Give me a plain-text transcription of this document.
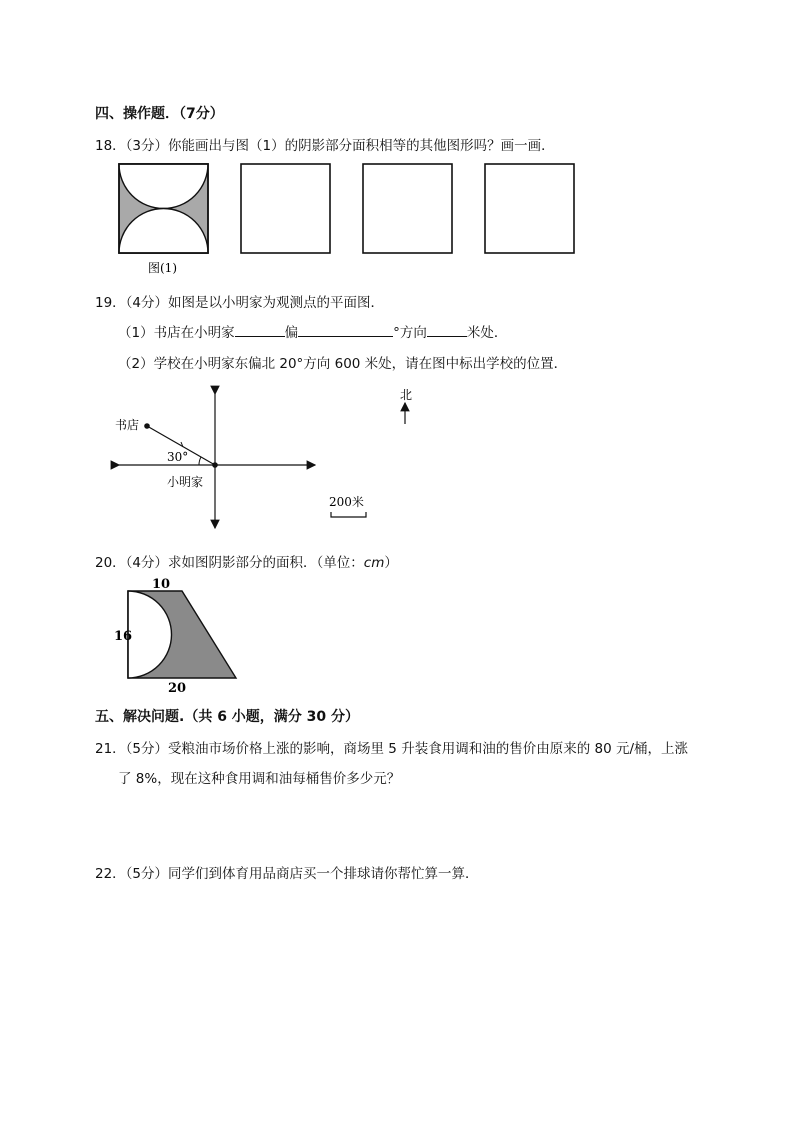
四、操作题．（7分）
18．（3分）你能画出与图（1）的阴影部分面积相等的其他图形吗？画一画．
图(1)
19．（4分）如图是以小明家为观测点的平面图．
（1）书店在小明家	偏	°方向	米处．
（2）学校在小明家东偏北 20°方向 600 米处，请在图中标出学校的位置．
书店
30°
小明家
北
200米
20．（4分）求如图阴影部分的面积．（单位：cm）
10
16
20
五、解决问题.（共 6 小题，满分 30 分）
21．（5分）受粮油市场价格上涨的影响，商场里 5 升装食用调和油的售价由原来的 80 元/桶，上涨
了 8%，现在这种食用调和油每桶售价多少元？
22．（5分）同学们到体育用品商店买一个排球请你帮忙算一算．
